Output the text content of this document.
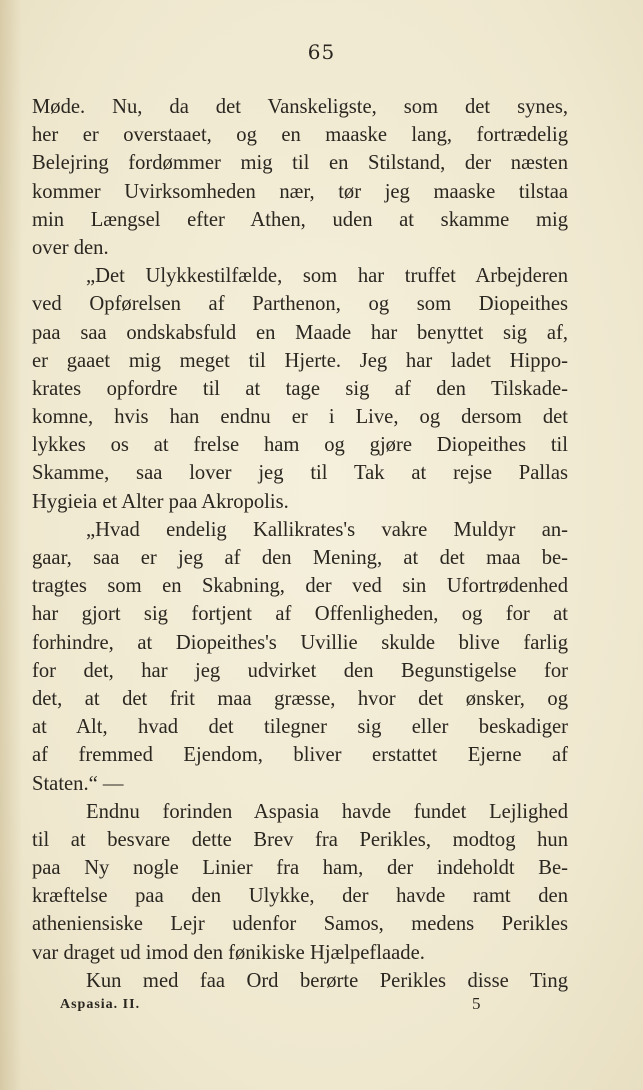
65
Møde. Nu, da det Vanskeligste, som det synes,
her er overstaaet, og en maaske lang, fortrædelig
Belejring fordømmer mig til en Stilstand, der næsten
kommer Uvirksomheden nær, tør jeg maaske tilstaa
min Længsel efter Athen, uden at skamme mig
over den.
„Det Ulykkestilfælde, som har truffet Arbejderen
ved Opførelsen af Parthenon, og som Diopeithes
paa saa ondskabsfuld en Maade har benyttet sig af,
er gaaet mig meget til Hjerte. Jeg har ladet Hippo-
krates opfordre til at tage sig af den Tilskade-
komne, hvis han endnu er i Live, og dersom det
lykkes os at frelse ham og gjøre Diopeithes til
Skamme, saa lover jeg til Tak at rejse Pallas
Hygieia et Alter paa Akropolis.
„Hvad endelig Kallikrates's vakre Muldyr an-
gaar, saa er jeg af den Mening, at det maa be-
tragtes som en Skabning, der ved sin Ufortrødenhed
har gjort sig fortjent af Offenligheden, og for at
forhindre, at Diopeithes's Uvillie skulde blive farlig
for det, har jeg udvirket den Begunstigelse for
det, at det frit maa græsse, hvor det ønsker, og
at Alt, hvad det tilegner sig eller beskadiger
af fremmed Ejendom, bliver erstattet Ejerne af
Staten.“ —
Endnu forinden Aspasia havde fundet Lejlighed
til at besvare dette Brev fra Perikles, modtog hun
paa Ny nogle Linier fra ham, der indeholdt Be-
kræftelse paa den Ulykke, der havde ramt den
atheniensiske Lejr udenfor Samos, medens Perikles
var draget ud imod den fønikiske Hjælpeflaade.
Kun med faa Ord berørte Perikles disse Ting
Aspasia. II.	5
